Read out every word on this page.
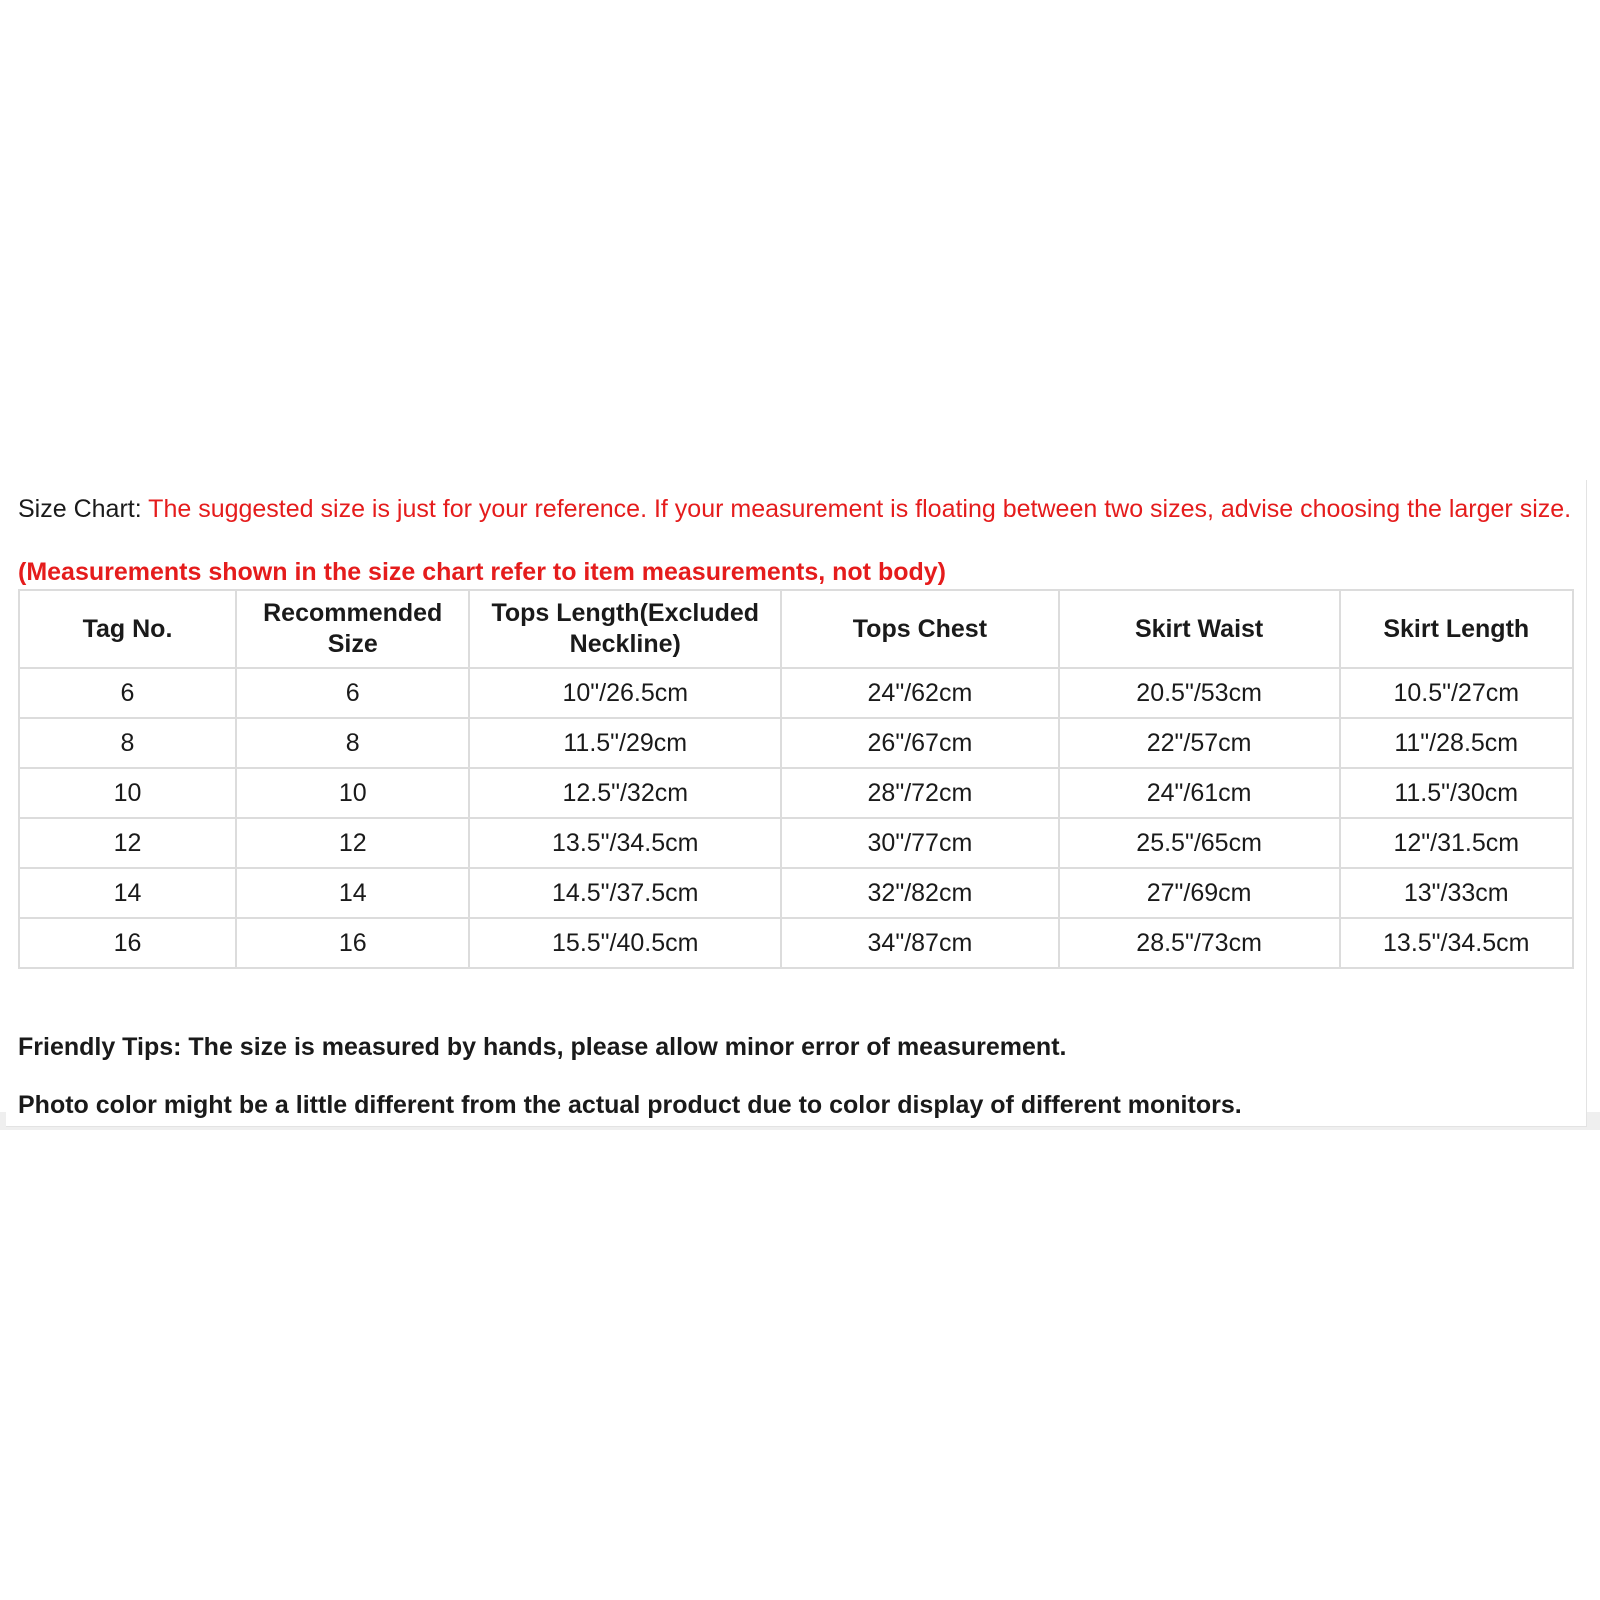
Size Chart: The suggested size is just for your reference. If your measurement is floating between two sizes, advise choosing the larger size.

(Measurements shown in the size chart refer to item measurements, not body)

Tag No.	Recommended Size	Tops Length(Excluded Neckline)	Tops Chest	Skirt Waist	Skirt Length
6	6	10"/26.5cm	24"/62cm	20.5"/53cm	10.5"/27cm
8	8	11.5"/29cm	26"/67cm	22"/57cm	11"/28.5cm
10	10	12.5"/32cm	28"/72cm	24"/61cm	11.5"/30cm
12	12	13.5"/34.5cm	30"/77cm	25.5"/65cm	12"/31.5cm
14	14	14.5"/37.5cm	32"/82cm	27"/69cm	13"/33cm
16	16	15.5"/40.5cm	34"/87cm	28.5"/73cm	13.5"/34.5cm

Friendly Tips: The size is measured by hands, please allow minor error of measurement.

Photo color might be a little different from the actual product due to color display of different monitors.
